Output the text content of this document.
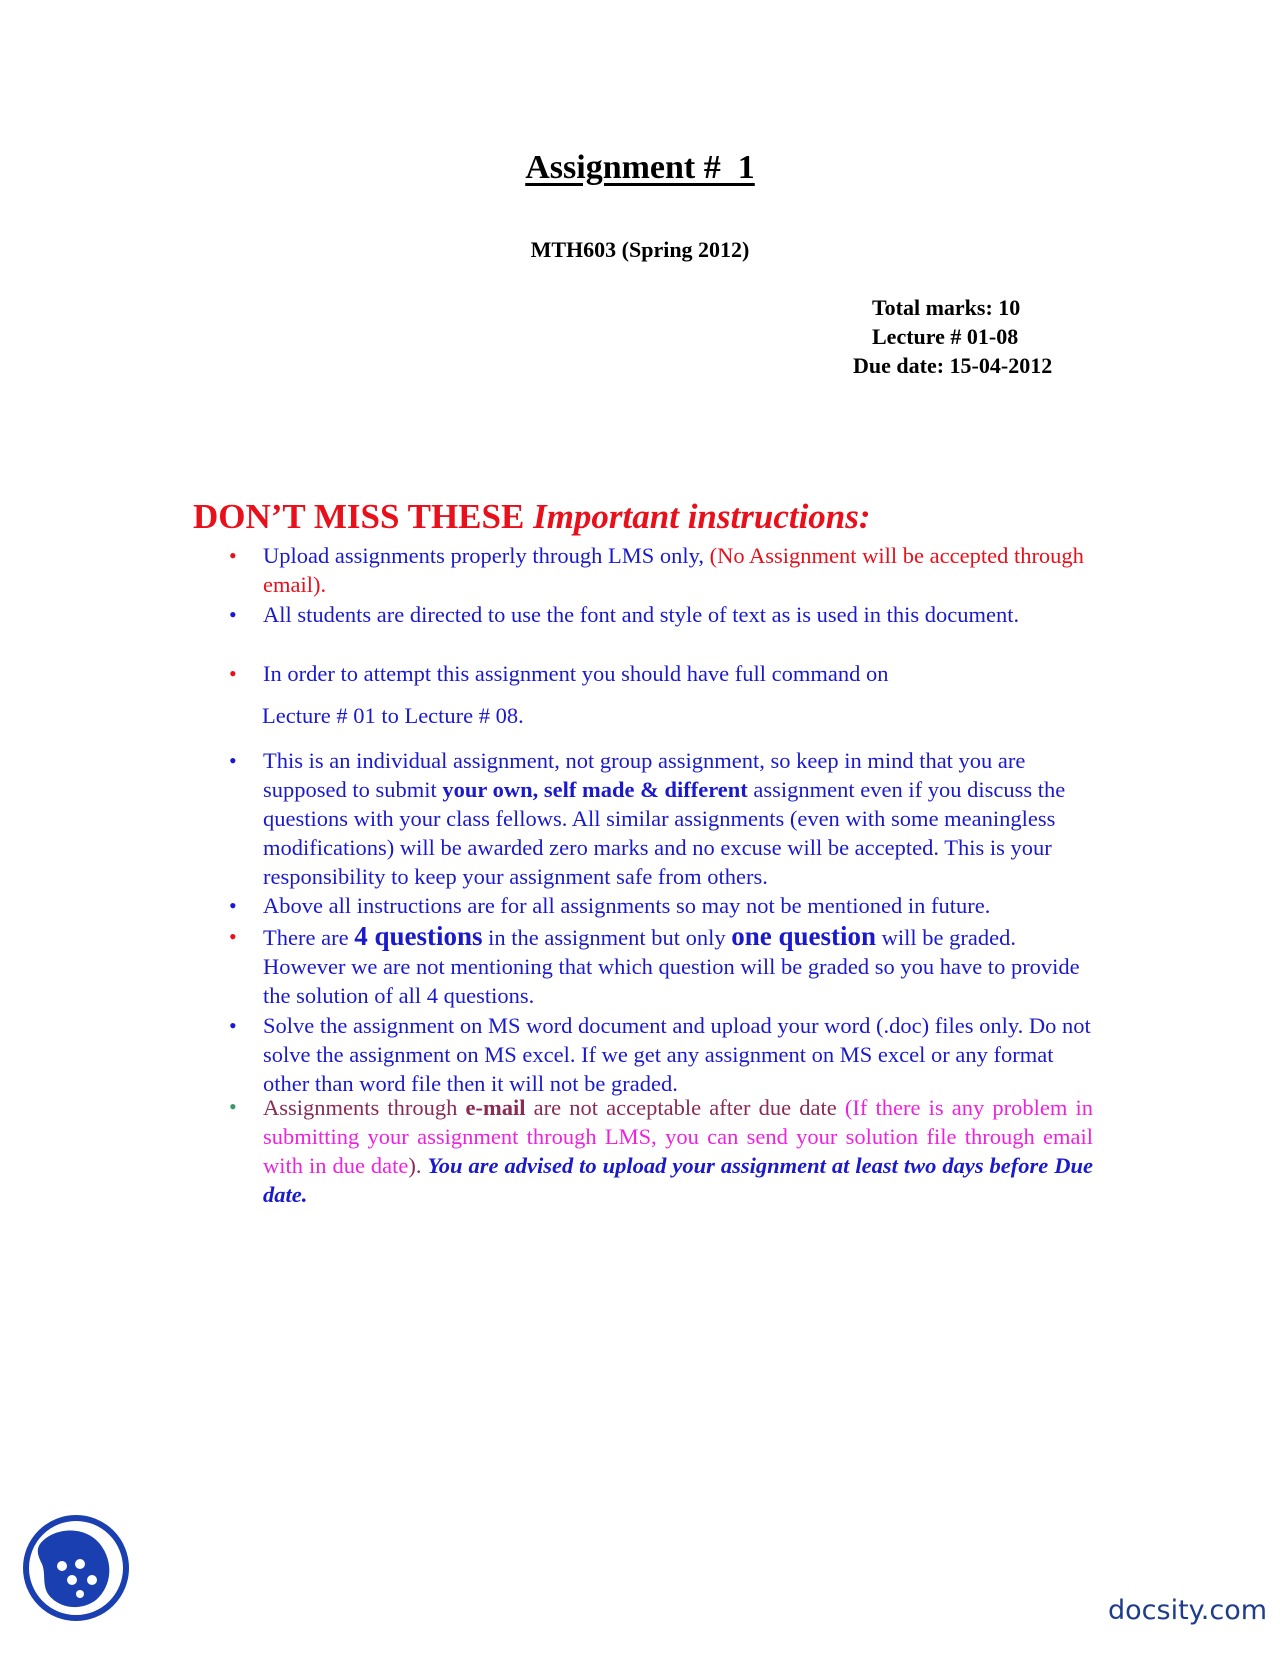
Assignment #  1
MTH603 (Spring 2012)
Total marks: 10
Lecture # 01-08
Due date: 15-04-2012
DON’T MISS THESE Important instructions:
• Upload assignments properly through LMS only, (No Assignment will be accepted through email).
• All students are directed to use the font and style of text as is used in this document.
• In order to attempt this assignment you should have full command on
Lecture # 01 to Lecture # 08.
• This is an individual assignment, not group assignment, so keep in mind that you are supposed to submit your own, self made & different assignment even if you discuss the questions with your class fellows. All similar assignments (even with some meaningless modifications) will be awarded zero marks and no excuse will be accepted. This is your responsibility to keep your assignment safe from others.
• Above all instructions are for all assignments so may not be mentioned in future.
• There are 4 questions in the assignment but only one question will be graded. However we are not mentioning that which question will be graded so you have to provide the solution of all 4 questions.
• Solve the assignment on MS word document and upload your word (.doc) files only. Do not solve the assignment on MS excel. If we get any assignment on MS excel or any format other than word file then it will not be graded.
• Assignments through e-mail are not acceptable after due date (If there is any problem in submitting your assignment through LMS, you can send your solution file through email with in due date). You are advised to upload your assignment at least two days before Due date.
docsity.com
